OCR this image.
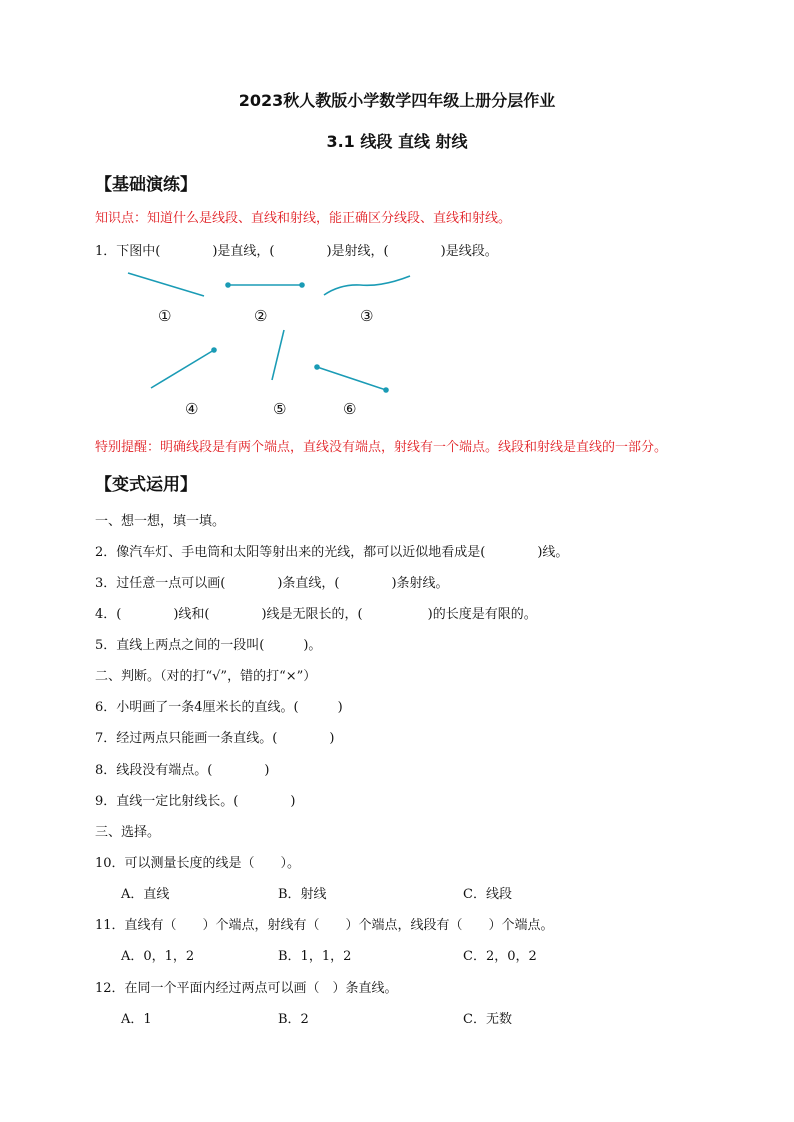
2023秋人教版小学数学四年级上册分层作业
3.1 线段 直线 射线
【基础演练】
知识点：知道什么是线段、直线和射线，能正确区分线段、直线和射线。
1．下图中(　　　　)是直线，(　　　　)是射线，(　　　　)是线段。
①	②	③
④	⑤	⑥
特别提醒：明确线段是有两个端点，直线没有端点，射线有一个端点。线段和射线是直线的一部分。
【变式运用】
一、想一想，填一填。
2．像汽车灯、手电筒和太阳等射出来的光线，都可以近似地看成是(　　　　)线。
3．过任意一点可以画(　　　　)条直线，(　　　　)条射线。
4．(　　　　)线和(　　　　)线是无限长的，(　　　　　)的长度是有限的。
5．直线上两点之间的一段叫(　　　)。
二、判断。（对的打“√”，错的打“×”）
6．小明画了一条4厘米长的直线。(　　　)
7．经过两点只能画一条直线。(　　　　)
8．线段没有端点。(　　　　)
9．直线一定比射线长。(　　　　)
三、选择。
10．可以测量长度的线是（　　）。
A．直线	B．射线	C．线段
11．直线有（　　）个端点，射线有（　　）个端点，线段有（　　）个端点。
A．0，1，2	B．1，1，2	C．2，0，2
12．在同一个平面内经过两点可以画（　）条直线。
A．1	B．2	C．无数
